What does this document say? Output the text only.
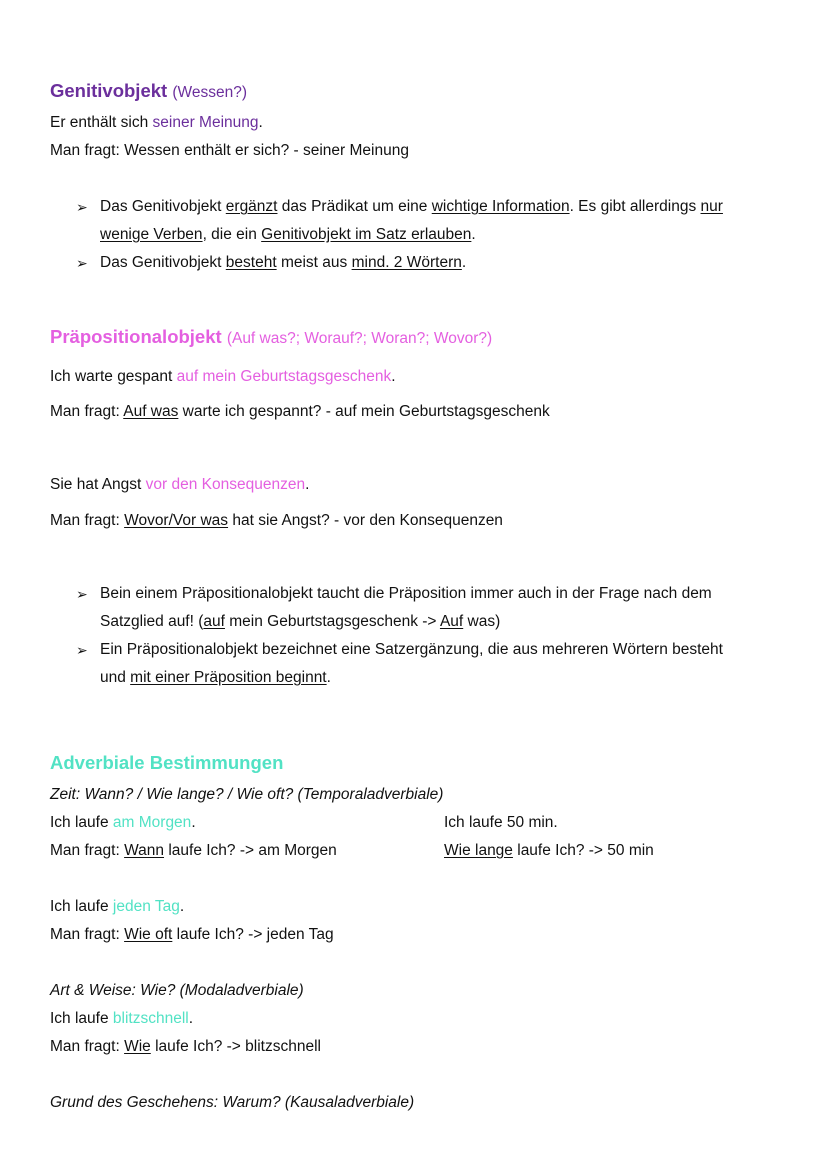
Genitivobjekt (Wessen?)
Er enthält sich seiner Meinung.
Man fragt: Wessen enthält er sich? - seiner Meinung
➢ Das Genitivobjekt ergänzt das Prädikat um eine wichtige Information. Es gibt allerdings nur
wenige Verben, die ein Genitivobjekt im Satz erlauben.
➢ Das Genitivobjekt besteht meist aus mind. 2 Wörtern.
Präpositionalobjekt (Auf was?; Worauf?; Woran?; Wovor?)
Ich warte gespant auf mein Geburtstagsgeschenk.
Man fragt: Auf was warte ich gespannt? - auf mein Geburtstagsgeschenk
Sie hat Angst vor den Konsequenzen.
Man fragt: Wovor/Vor was hat sie Angst? - vor den Konsequenzen
➢ Bein einem Präpositionalobjekt taucht die Präposition immer auch in der Frage nach dem
Satzglied auf! (auf mein Geburtstagsgeschenk -> Auf was)
➢ Ein Präpositionalobjekt bezeichnet eine Satzergänzung, die aus mehreren Wörtern besteht
und mit einer Präposition beginnt.
Adverbiale Bestimmungen
Zeit: Wann? / Wie lange? / Wie oft? (Temporaladverbiale)
Ich laufe am Morgen.	Ich laufe 50 min.
Man fragt: Wann laufe Ich? -> am Morgen	Wie lange laufe Ich? -> 50 min
Ich laufe jeden Tag.
Man fragt: Wie oft laufe Ich? -> jeden Tag
Art & Weise: Wie? (Modaladverbiale)
Ich laufe blitzschnell.
Man fragt: Wie laufe Ich? -> blitzschnell
Grund des Geschehens: Warum? (Kausaladverbiale)
